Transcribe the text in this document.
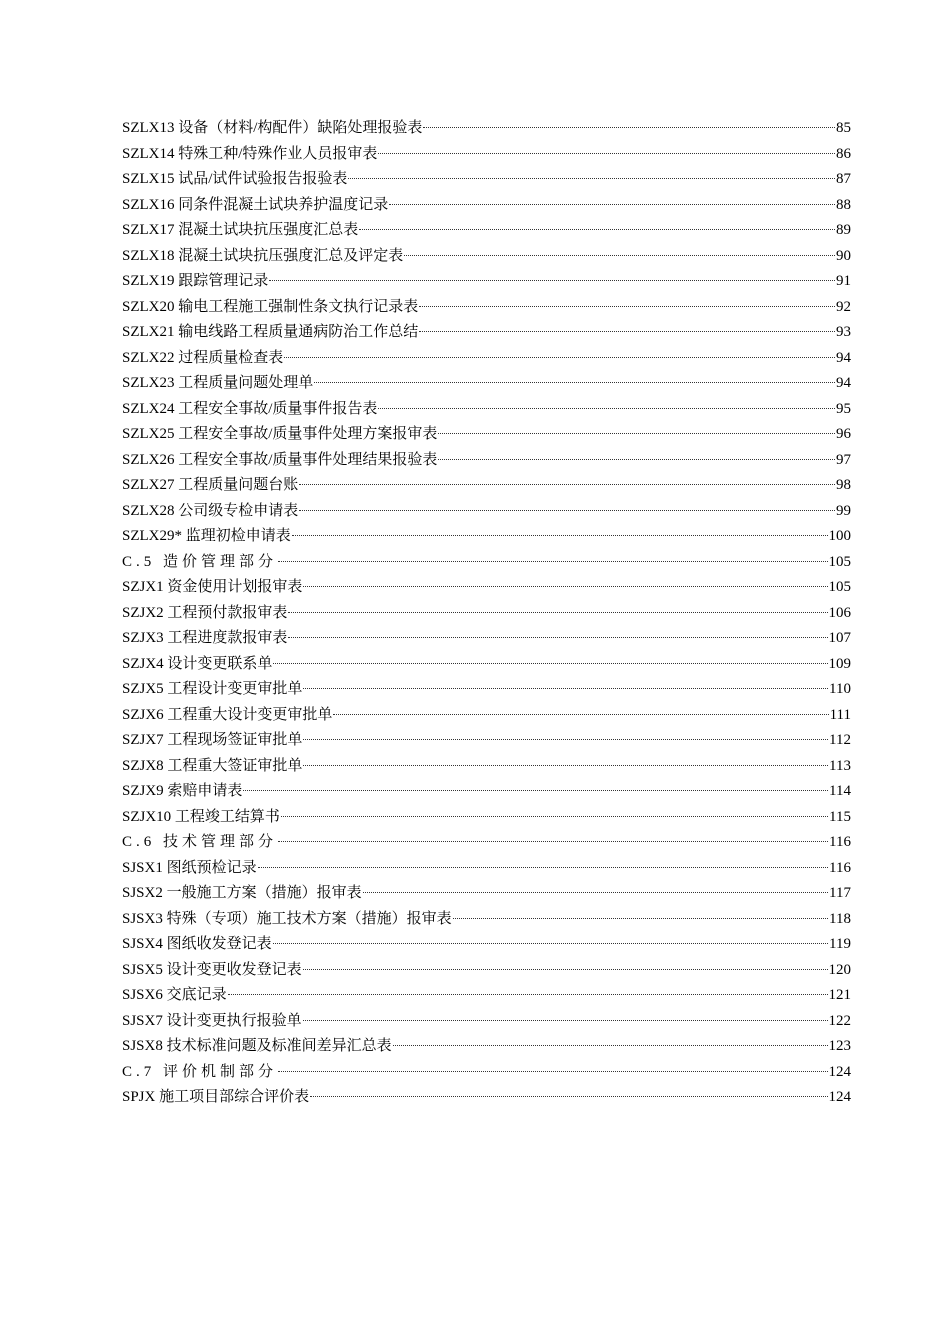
SZLX13 设备（材料/构配件）缺陷处理报验表	85
SZLX14 特殊工种/特殊作业人员报审表	86
SZLX15 试品/试件试验报告报验表	87
SZLX16 同条件混凝土试块养护温度记录	88
SZLX17 混凝土试块抗压强度汇总表	89
SZLX18 混凝土试块抗压强度汇总及评定表	90
SZLX19 跟踪管理记录	91
SZLX20 输电工程施工强制性条文执行记录表	92
SZLX21 输电线路工程质量通病防治工作总结	93
SZLX22 过程质量检查表	94
SZLX23 工程质量问题处理单	94
SZLX24 工程安全事故/质量事件报告表	95
SZLX25 工程安全事故/质量事件处理方案报审表	96
SZLX26 工程安全事故/质量事件处理结果报验表	97
SZLX27 工程质量问题台账	98
SZLX28 公司级专检申请表	99
SZLX29* 监理初检申请表	100
C.5 造价管理部分	105
SZJX1 资金使用计划报审表	105
SZJX2 工程预付款报审表	106
SZJX3 工程进度款报审表	107
SZJX4 设计变更联系单	109
SZJX5 工程设计变更审批单	110
SZJX6 工程重大设计变更审批单	111
SZJX7 工程现场签证审批单	112
SZJX8 工程重大签证审批单	113
SZJX9 索赔申请表	114
SZJX10 工程竣工结算书	115
C.6 技术管理部分	116
SJSX1 图纸预检记录	116
SJSX2 一般施工方案（措施）报审表	117
SJSX3 特殊（专项）施工技术方案（措施）报审表	118
SJSX4 图纸收发登记表	119
SJSX5 设计变更收发登记表	120
SJSX6 交底记录	121
SJSX7 设计变更执行报验单	122
SJSX8 技术标准问题及标准间差异汇总表	123
C.7 评价机制部分	124
SPJX 施工项目部综合评价表	124
